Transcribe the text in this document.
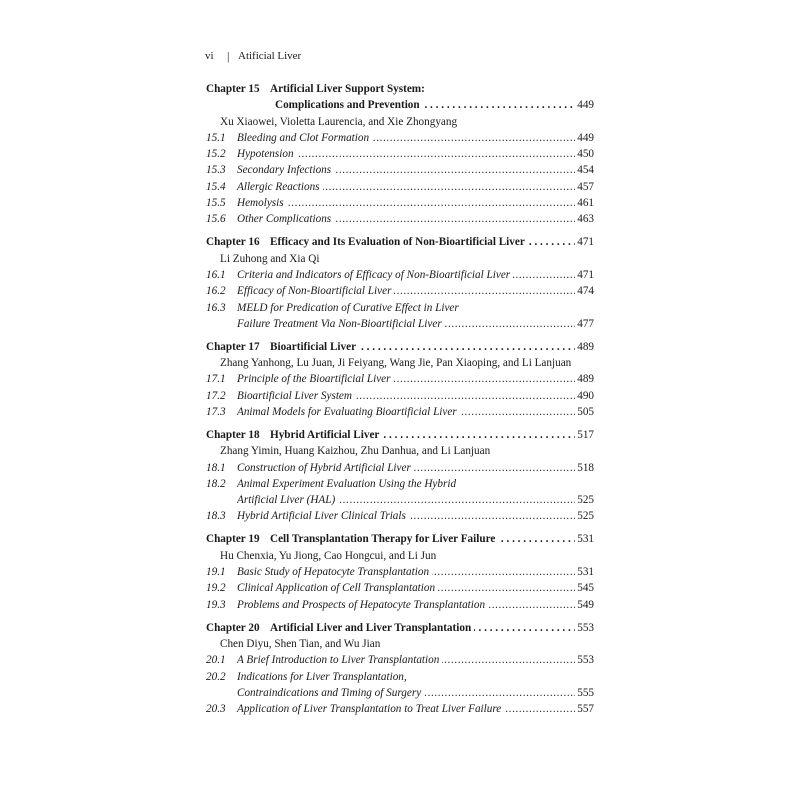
vi | Atificial Liver
Chapter 15 Artificial Liver Support System:
Complications and Prevention . . .	449
Xu Xiaowei, Violetta Laurencia, and Xie Zhongyang
15.1 Bleeding and Clot Formation .....	449
15.2 Hypotension .....	450
15.3 Secondary Infections .....	454
15.4 Allergic Reactions .....	457
15.5 Hemolysis .....	461
15.6 Other Complications .....	463
Chapter 16 Efficacy and Its Evaluation of Non-Bioartificial Liver . . .	471
Li Zuhong and Xia Qi
16.1 Criteria and Indicators of Efficacy of Non-Bioartificial Liver .....	471
16.2 Efficacy of Non-Bioartificial Liver .....	474
16.3 MELD for Predication of Curative Effect in Liver
Failure Treatment Via Non-Bioartificial Liver .....	477
Chapter 17 Bioartificial Liver . . .	489
Zhang Yanhong, Lu Juan, Ji Feiyang, Wang Jie, Pan Xiaoping, and Li Lanjuan
17.1 Principle of the Bioartificial Liver .....	489
17.2 Bioartificial Liver System .....	490
17.3 Animal Models for Evaluating Bioartificial Liver .....	505
Chapter 18 Hybrid Artificial Liver . . .	517
Zhang Yimin, Huang Kaizhou, Zhu Danhua, and Li Lanjuan
18.1 Construction of Hybrid Artificial Liver .....	518
18.2 Animal Experiment Evaluation Using the Hybrid
Artificial Liver (HAL) .....	525
18.3 Hybrid Artificial Liver Clinical Trials .....	525
Chapter 19 Cell Transplantation Therapy for Liver Failure . . .	531
Hu Chenxia, Yu Jiong, Cao Hongcui, and Li Jun
19.1 Basic Study of Hepatocyte Transplantation .....	531
19.2 Clinical Application of Cell Transplantation .....	545
19.3 Problems and Prospects of Hepatocyte Transplantation .....	549
Chapter 20 Artificial Liver and Liver Transplantation . . .	553
Chen Diyu, Shen Tian, and Wu Jian
20.1 A Brief Introduction to Liver Transplantation .....	553
20.2 Indications for Liver Transplantation,
Contraindications and Timing of Surgery .....	555
20.3 Application of Liver Transplantation to Treat Liver Failure .....	557
